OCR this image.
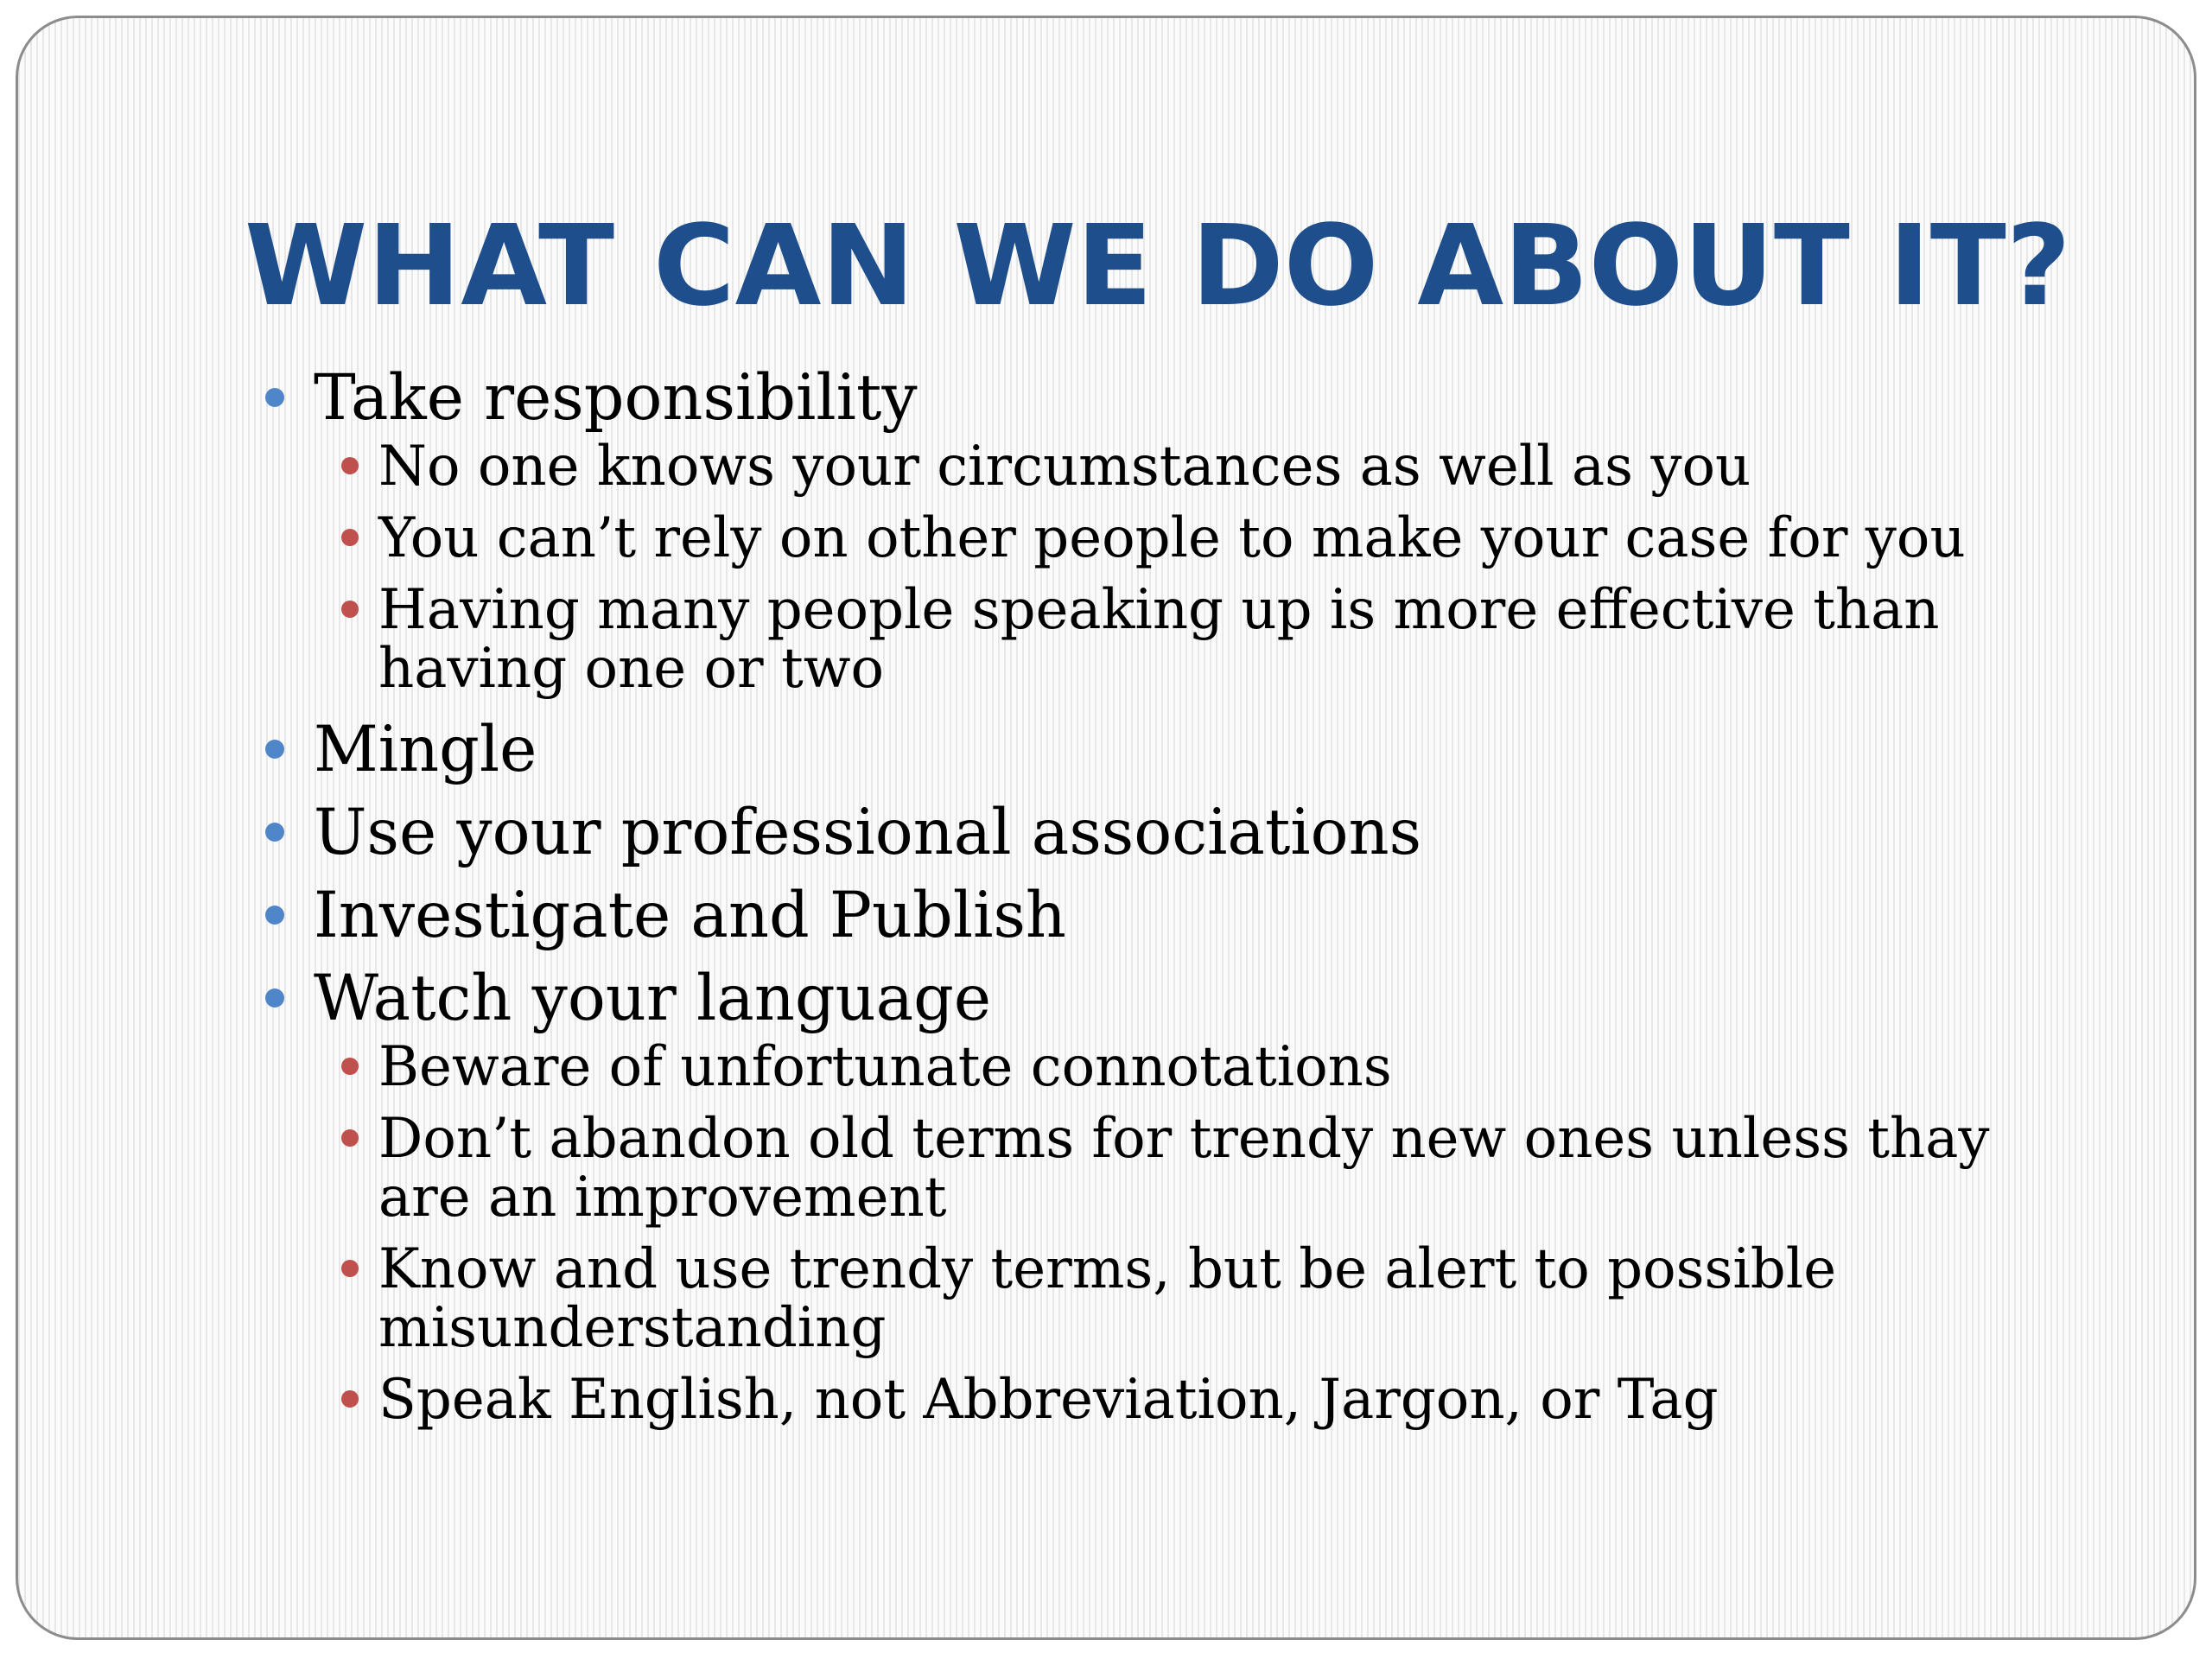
WHAT CAN WE DO ABOUT IT?
Take responsibility
No one knows your circumstances as well as you
You can’t rely on other people to make your case for you
Having many people speaking up is more effective than having one or two
Mingle
Use your professional associations
Investigate and Publish
Watch your language
Beware of unfortunate connotations
Don’t abandon old terms for trendy new ones unless thay are an improvement
Know and use trendy terms, but be alert to possible misunderstanding
Speak English, not Abbreviation, Jargon, or Tag
